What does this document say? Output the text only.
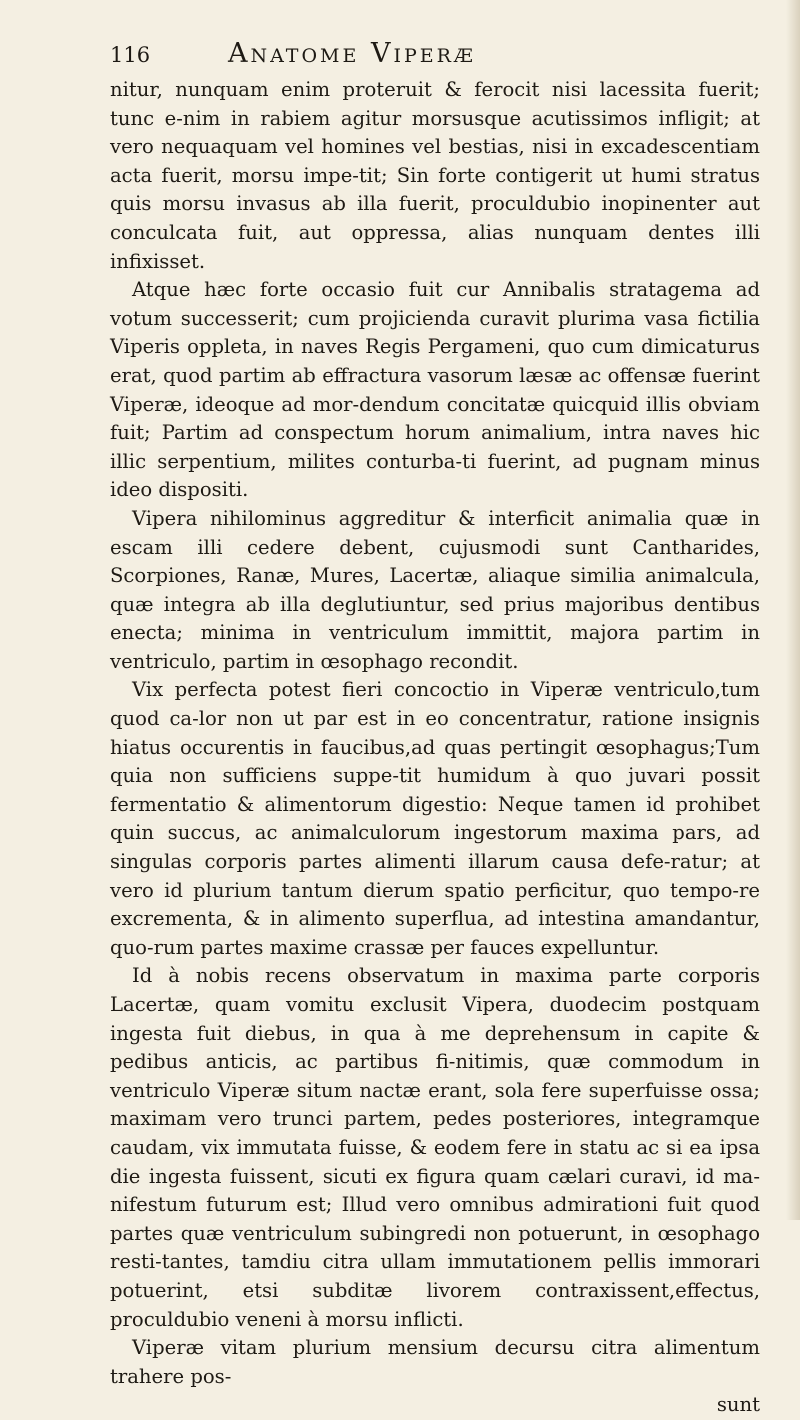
116	Anatome Viperæ

nitur, nunquam enim proteruit & ferocit nisi lacessita fuerit; tunc e-nim in rabiem agitur morsusque acutissimos infligit; at vero nequaquam vel homines vel bestias, nisi in excadescentiam acta fuerit, morsu impe-tit; Sin forte contigerit ut humi stratus quis morsu invasus ab illa fuerit, proculdubio inopinenter aut conculcata fuit, aut oppressa, alias nunquam dentes illi infixisset.

Atque hæc forte occasio fuit cur Annibalis stratagema ad votum successerit; cum projicienda curavit plurima vasa fictilia Viperis oppleta, in naves Regis Pergameni, quo cum dimicaturus erat, quod partim ab effractura vasorum læsæ ac offensæ fuerint Viperæ, ideoque ad mor-dendum concitatæ quicquid illis obviam fuit; Partim ad conspectum horum animalium, intra naves hic illic serpentium, milites conturba-ti fuerint, ad pugnam minus ideo dispositi.

Vipera nihilominus aggreditur & interficit animalia quæ in escam illi cedere debent, cujusmodi sunt Cantharides, Scorpiones, Ranæ, Mures, Lacertæ, aliaque similia animalcula, quæ integra ab illa deglutiuntur, sed prius majoribus dentibus enecta; minima in ventriculum immittit, majora partim in ventriculo, partim in œsophago recondit.

Vix perfecta potest fieri concoctio in Viperæ ventriculo,tum quod ca-lor non ut par est in eo concentratur, ratione insignis hiatus occurentis in faucibus,ad quas pertingit œsophagus;Tum quia non sufficiens suppe-tit humidum à quo juvari possit fermentatio & alimentorum digestio: Neque tamen id prohibet quin succus, ac animalculorum ingestorum maxima pars, ad singulas corporis partes alimenti illarum causa defe-ratur; at vero id plurium tantum dierum spatio perficitur, quo tempo-re excrementa, & in alimento superflua, ad intestina amandantur, quo-rum partes maxime crassæ per fauces expelluntur.

Id à nobis recens observatum in maxima parte corporis Lacertæ, quam vomitu exclusit Vipera, duodecim postquam ingesta fuit diebus, in qua à me deprehensum in capite & pedibus anticis, ac partibus fi-nitimis, quæ commodum in ventriculo Viperæ situm nactæ erant, sola fere superfuisse ossa; maximam vero trunci partem, pedes posteriores, integramque caudam, vix immutata fuisse, & eodem fere in statu ac si ea ipsa die ingesta fuissent, sicuti ex figura quam cælari curavi, id ma-nifestum futurum est; Illud vero omnibus admirationi fuit quod partes quæ ventriculum subingredi non potuerunt, in œsophago resti-tantes, tamdiu citra ullam immutationem pellis immorari potuerint, etsi subditæ livorem contraxissent,effectus, proculdubio veneni à morsu inflicti.

Viperæ vitam plurium mensium decursu citra alimentum trahere pos-

sunt
